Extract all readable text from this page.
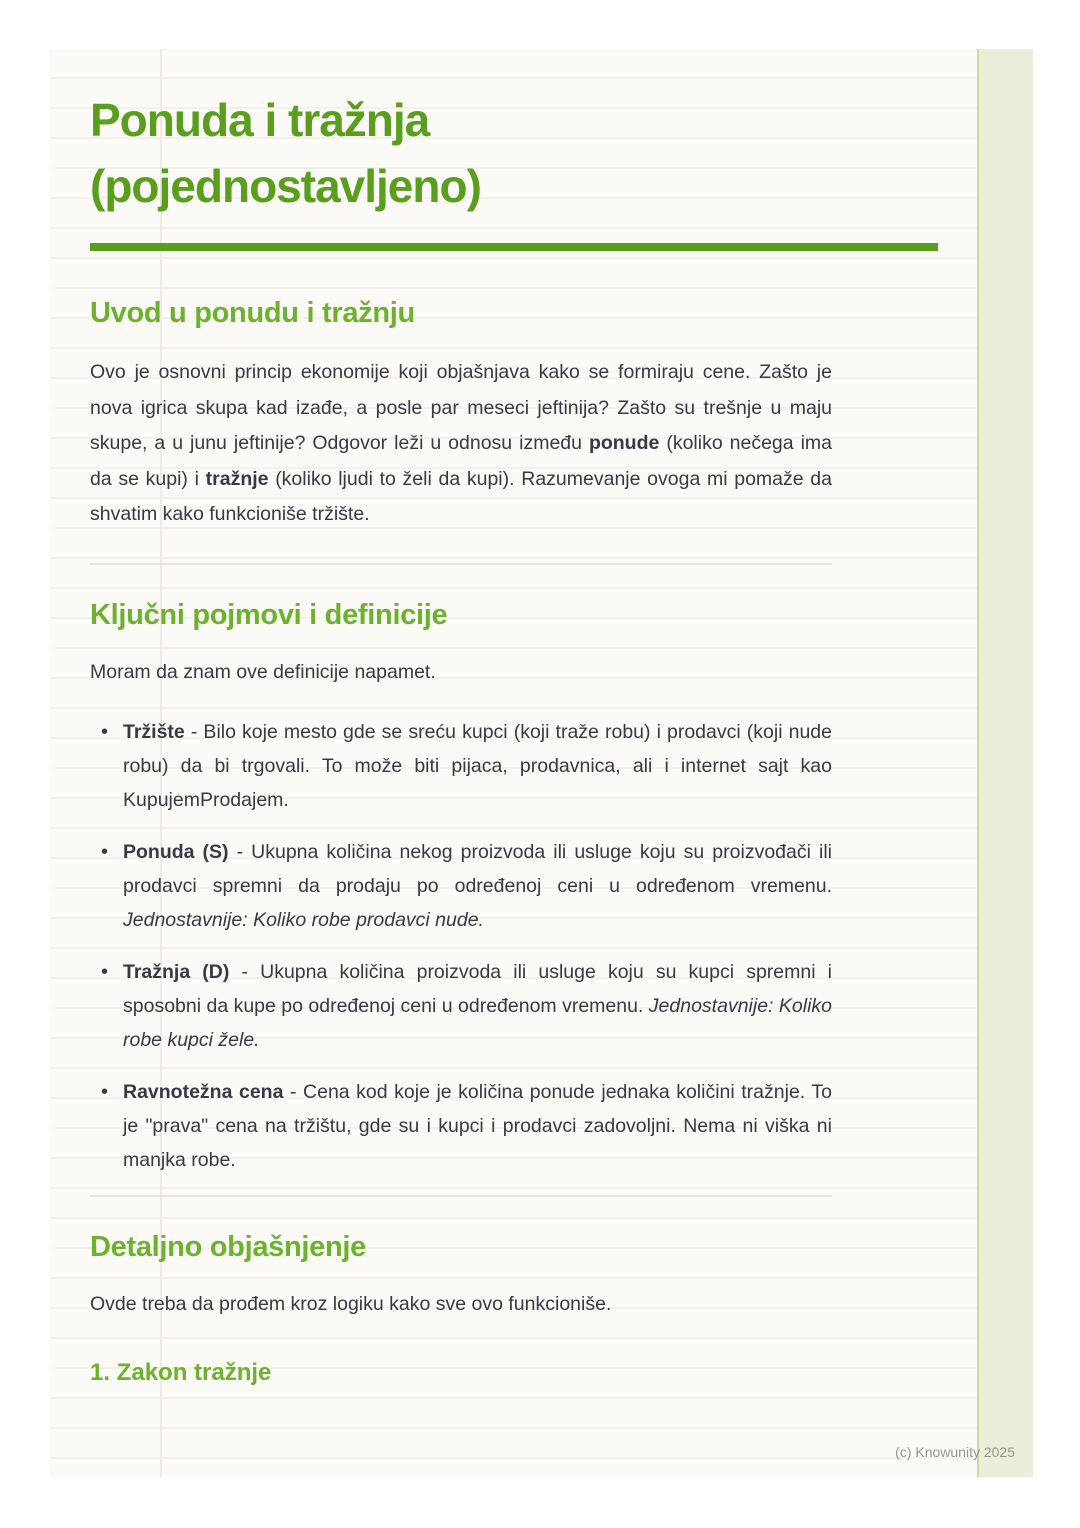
Ponuda i tražnja
(pojednostavljeno)
Uvod u ponudu i tražnju

Ovo je osnovni princip ekonomije koji objašnjava kako se formiraju cene. Zašto je nova igrica skupa kad izađe, a posle par meseci jeftinija? Zašto su trešnje u maju skupe, a u junu jeftinije? Odgovor leži u odnosu između ponude (koliko nečega ima da se kupi) i tražnje (koliko ljudi to želi da kupi). Razumevanje ovoga mi pomaže da shvatim kako funkcioniše tržište.

Ključni pojmovi i definicije

Moram da znam ove definicije napamet.

• Tržište - Bilo koje mesto gde se sreću kupci (koji traže robu) i prodavci (koji nude robu) da bi trgovali. To može biti pijaca, prodavnica, ali i internet sajt kao KupujemProdajem.
• Ponuda (S) - Ukupna količina nekog proizvoda ili usluge koju su proizvođači ili prodavci spremni da prodaju po određenoj ceni u određenom vremenu. Jednostavnije: Koliko robe prodavci nude.
• Tražnja (D) - Ukupna količina proizvoda ili usluge koju su kupci spremni i sposobni da kupe po određenoj ceni u određenom vremenu. Jednostavnije: Koliko robe kupci žele.
• Ravnotežna cena - Cena kod koje je količina ponude jednaka količini tražnje. To je "prava" cena na tržištu, gde su i kupci i prodavci zadovoljni. Nema ni viška ni manjka robe.
Detaljno objašnjenje

Ovde treba da prođem kroz logiku kako sve ovo funkcioniše.

1. Zakon tražnje
(c) Knowunity 2025
